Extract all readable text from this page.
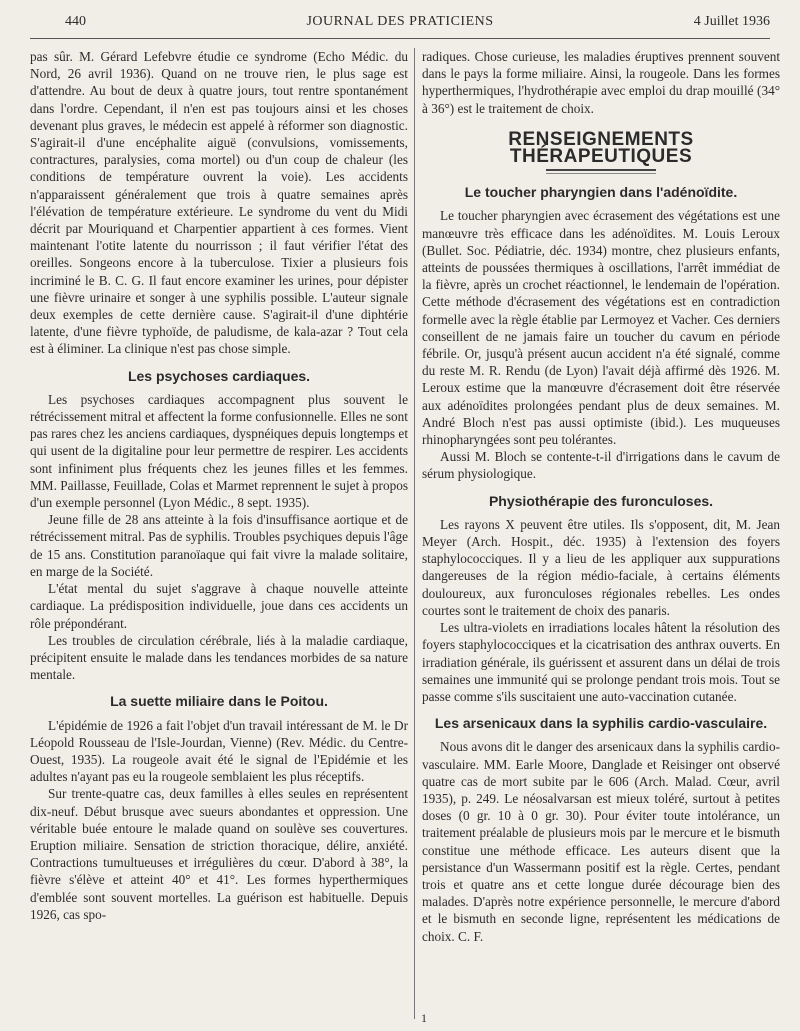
440	JOURNAL DES PRATICIENS	4 Juillet 1936

pas sûr. M. Gérard Lefebvre étudie ce syndrome (Echo Médic. du Nord, 26 avril 1936). Quand on ne trouve rien, le plus sage est d'attendre. Au bout de deux à quatre jours, tout rentre spontanément dans l'ordre. Cependant, il n'en est pas toujours ainsi et les choses devenant plus graves, le médecin est appelé à réformer son diagnostic. S'agirait-il d'une encéphalite aiguë (convulsions, vomissements, contractures, paralysies, coma mortel) ou d'un coup de chaleur (les conditions de température ouvrent la voie). Les accidents n'apparaissent généralement que trois à quatre semaines après l'élévation de température extérieure. Le syndrome du vent du Midi décrit par Mouriquand et Charpentier appartient à ces formes. Vient maintenant l'otite latente du nourrisson ; il faut vérifier l'état des oreilles. Songeons encore à la tuberculose. Tixier a plusieurs fois incriminé le B. C. G. Il faut encore examiner les urines, pour dépister une fièvre urinaire et songer à une syphilis possible. L'auteur signale deux exemples de cette dernière cause. S'agirait-il d'une diphtérie latente, d'une fièvre typhoïde, de paludisme, de kala-azar ? Tout cela est à éliminer. La clinique n'est pas chose simple.

Les psychoses cardiaques.

Les psychoses cardiaques accompagnent plus souvent le rétrécissement mitral et affectent la forme confusionnelle. Elles ne sont pas rares chez les anciens cardiaques, dyspnéiques depuis longtemps et qui usent de la digitaline pour leur permettre de respirer. Les accidents sont infiniment plus fréquents chez les jeunes filles et les femmes. MM. Paillasse, Feuillade, Colas et Marmet reprennent le sujet à propos d'un exemple personnel (Lyon Médic., 8 sept. 1935).

Jeune fille de 28 ans atteinte à la fois d'insuffisance aortique et de rétrécissement mitral. Pas de syphilis. Troubles psychiques depuis l'âge de 15 ans. Constitution paranoïaque qui fait vivre la malade solitaire, en marge de la Société.

L'état mental du sujet s'aggrave à chaque nouvelle atteinte cardiaque. La prédisposition individuelle, joue dans ces accidents un rôle prépondérant.

Les troubles de circulation cérébrale, liés à la maladie cardiaque, précipitent ensuite le malade dans les tendances morbides de sa nature mentale.

La suette miliaire dans le Poitou.

L'épidémie de 1926 a fait l'objet d'un travail intéressant de M. le Dr Léopold Rousseau de l'Isle-Jourdan, Vienne) (Rev. Médic. du Centre-Ouest, 1935). La rougeole avait été le signal de l'Epidémie et les adultes n'ayant pas eu la rougeole semblaient les plus réceptifs.

Sur trente-quatre cas, deux familles à elles seules en représentent dix-neuf. Début brusque avec sueurs abondantes et oppression. Une véritable buée entoure le malade quand on soulève ses couvertures. Eruption miliaire. Sensation de striction thoracique, délire, anxiété. Contractions tumultueuses et irrégulières du cœur. D'abord à 38°, la fièvre s'élève et atteint 40° et 41°. Les formes hyperthermiques d'emblée sont souvent mortelles. La guérison est habituelle. Depuis 1926, cas spo-

radiques. Chose curieuse, les maladies éruptives prennent souvent dans le pays la forme miliaire. Ainsi, la rougeole. Dans les formes hyperthermiques, l'hydrothérapie avec emploi du drap mouillé (34° à 36°) est le traitement de choix.

RENSEIGNEMENTS THÉRAPEUTIQUES
Le toucher pharyngien dans l'adénoïdite.

Le toucher pharyngien avec écrasement des végétations est une manœuvre très efficace dans les adénoïdites. M. Louis Leroux (Bullet. Soc. Pédiatrie, déc. 1934) montre, chez plusieurs enfants, atteints de poussées thermiques à oscillations, l'arrêt immédiat de la fièvre, après un crochet réactionnel, le lendemain de l'opération. Cette méthode d'écrasement des végétations est en contradiction formelle avec la règle établie par Lermoyez et Vacher. Ces derniers conseillent de ne jamais faire un toucher du cavum en période fébrile. Or, jusqu'à présent aucun accident n'a été signalé, comme du reste M. R. Rendu (de Lyon) l'avait déjà affirmé dès 1926. M. Leroux estime que la manœuvre d'écrasement doit être réservée aux adénoïdites prolongées pendant plus de deux semaines. M. André Bloch n'est pas aussi optimiste (ibid.). Les muqueuses rhinopharyngées sont peu tolérantes.

Aussi M. Bloch se contente-t-il d'irrigations dans le cavum de sérum physiologique.

Physiothérapie des furonculoses.

Les rayons X peuvent être utiles. Ils s'opposent, dit, M. Jean Meyer (Arch. Hospit., déc. 1935) à l'extension des foyers staphylococciques. Il y a lieu de les appliquer aux suppurations dangereuses de la région médio-faciale, à certains éléments douloureux, aux furonculoses régionales rebelles. Les ondes courtes sont le traitement de choix des panaris.

Les ultra-violets en irradiations locales hâtent la résolution des foyers staphylococciques et la cicatrisation des anthrax ouverts. En irradiation générale, ils guérissent et assurent dans un délai de trois semaines une immunité qui se prolonge pendant trois mois. Tout se passe comme s'ils suscitaient une auto-vaccination cutanée.

Les arsenicaux dans la syphilis cardio-vasculaire.

Nous avons dit le danger des arsenicaux dans la syphilis cardio-vasculaire. MM. Earle Moore, Danglade et Reisinger ont observé quatre cas de mort subite par le 606 (Arch. Malad. Cœur, avril 1935), p. 249. Le néosalvarsan est mieux toléré, surtout à petites doses (0 gr. 10 à 0 gr. 30). Pour éviter toute intolérance, un traitement préalable de plusieurs mois par le mercure et le bismuth constitue une méthode efficace. Les auteurs disent que la persistance d'un Wassermann positif est la règle. Certes, pendant trois et quatre ans et cette longue durée décourage bien des malades. D'après notre expérience personnelle, le mercure d'abord et le bismuth en seconde ligne, représentent les médications de choix. C. F.

1
